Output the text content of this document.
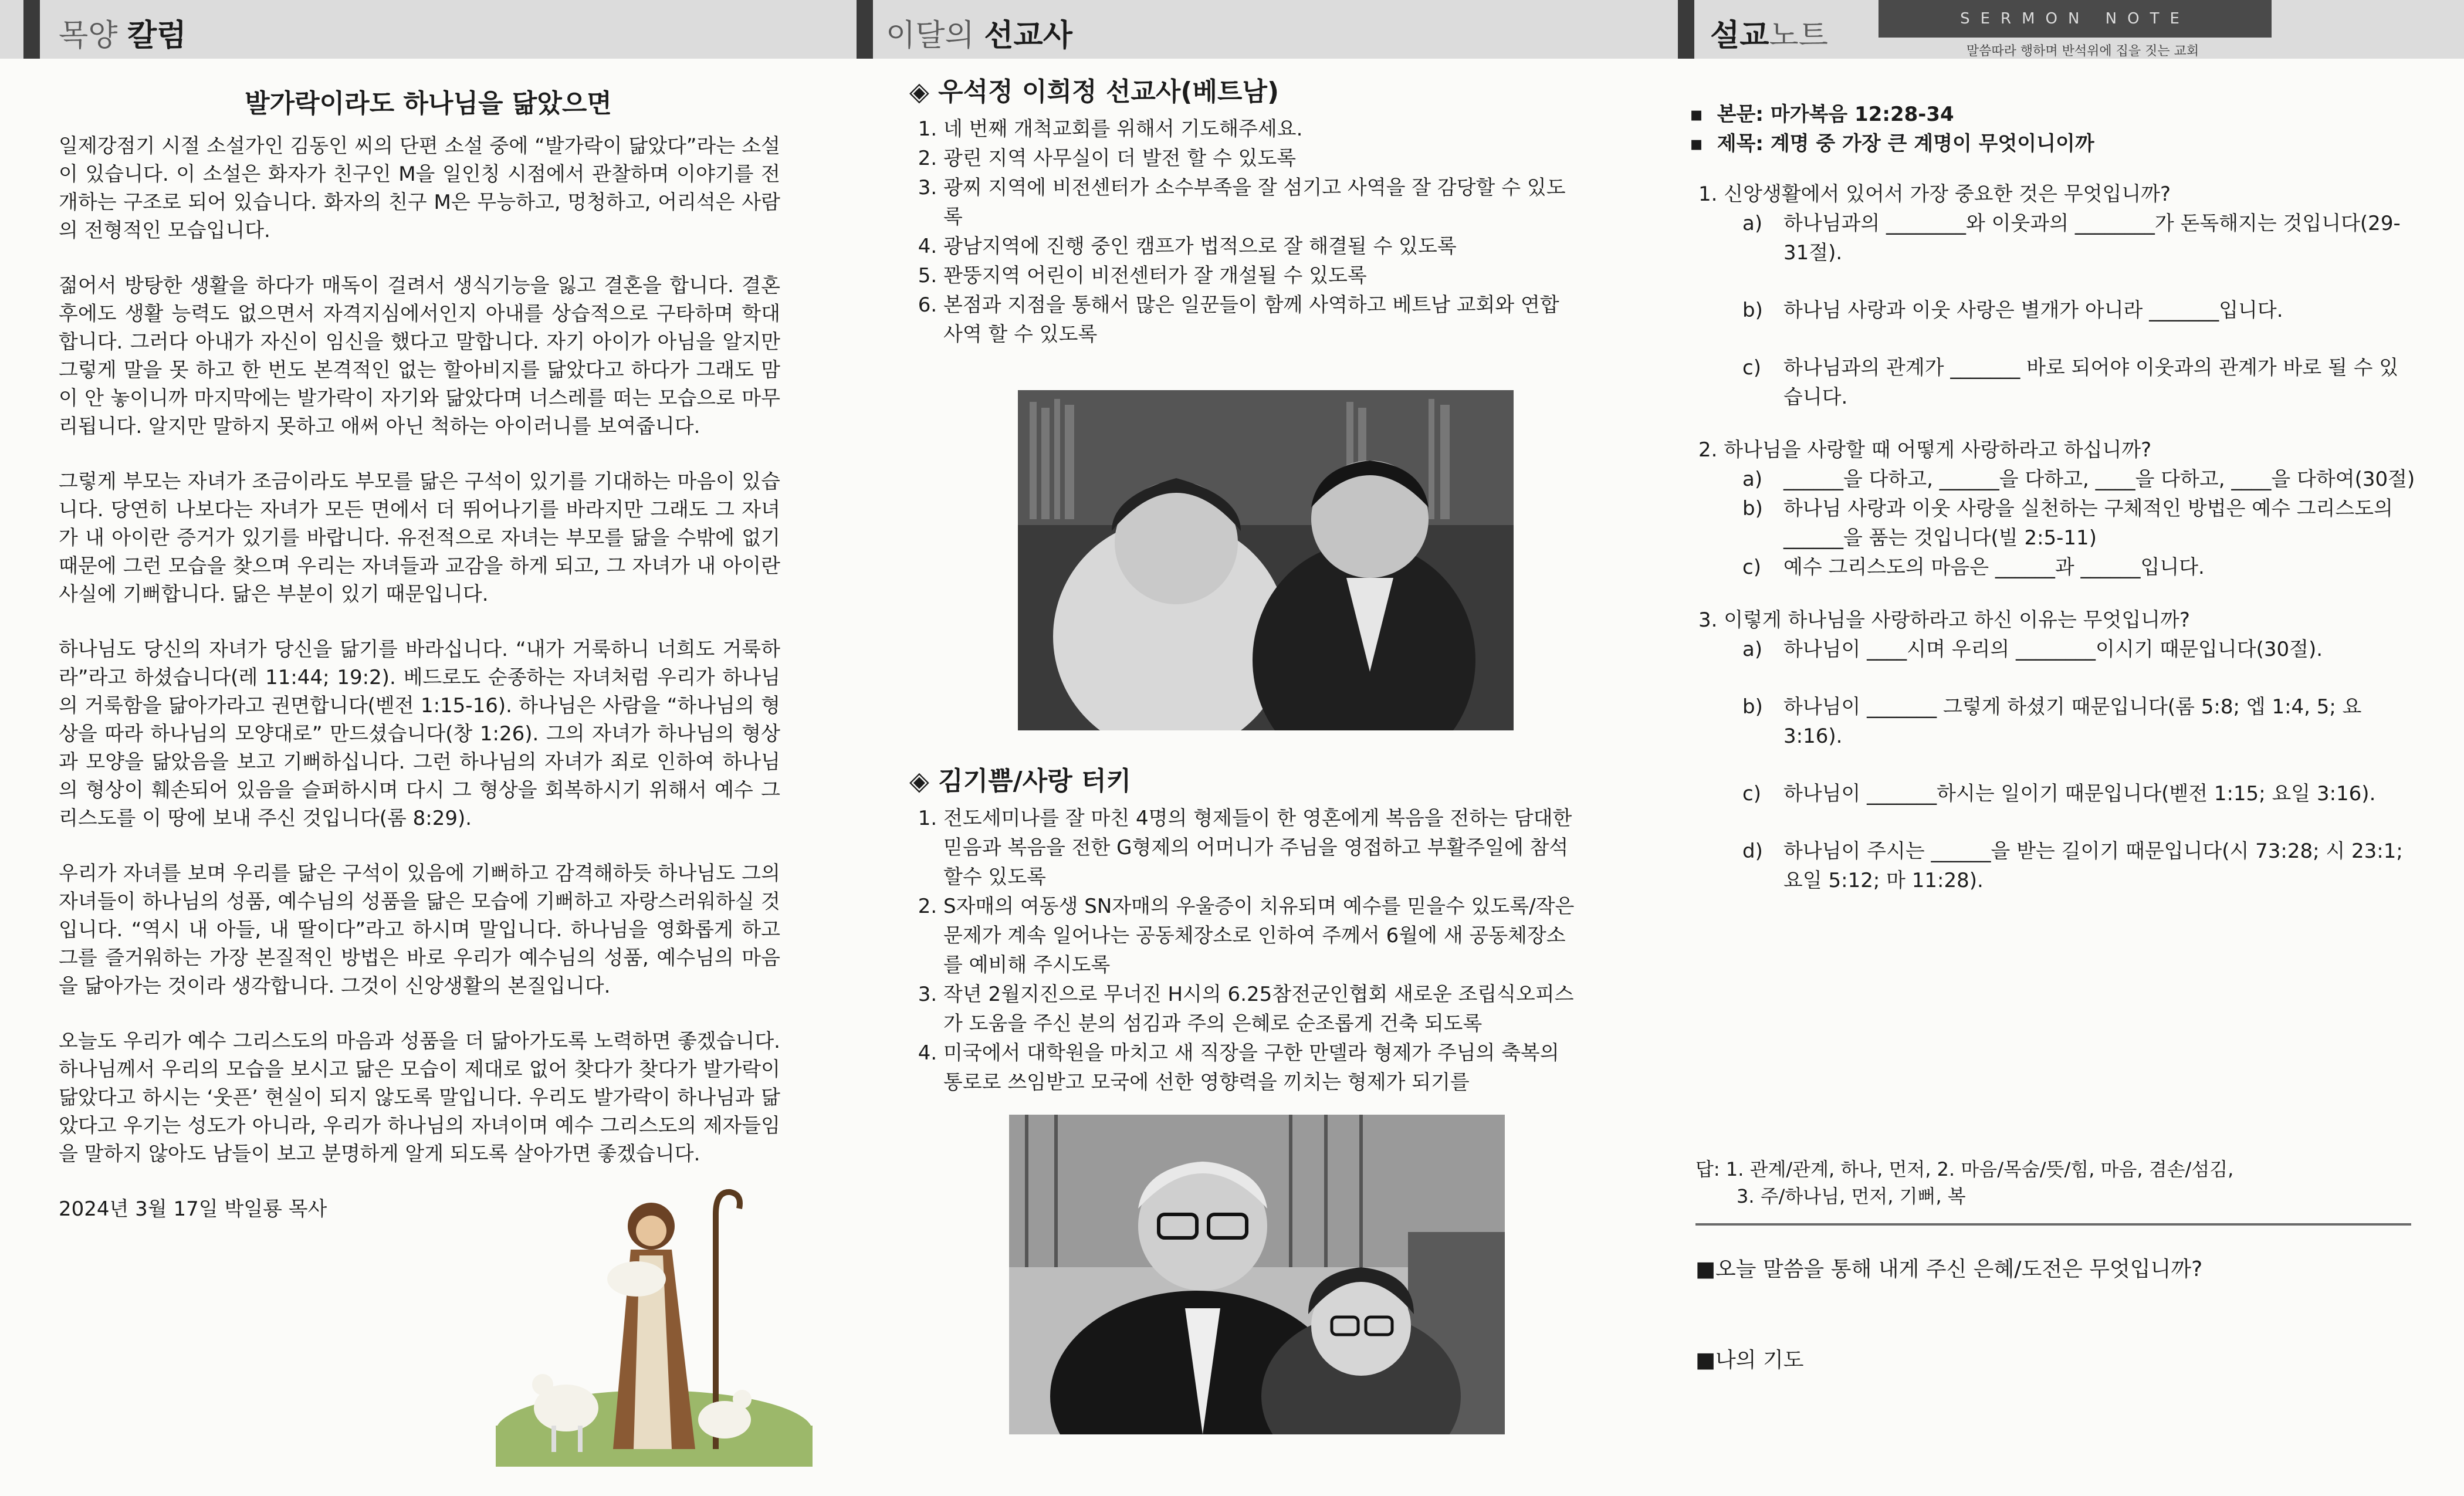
목양 칼럼
발가락이라도 하나님을 닮았으면

일제강점기 시절 소설가인 김동인 씨의 단편 소설 중에 “발가락이 닮았다”라는 소설이 있습니다. 이 소설은 화자가 친구인 M을 일인칭 시점에서 관찰하며 이야기를 전개하는 구조로 되어 있습니다. 화자의 친구 M은 무능하고, 멍청하고, 어리석은 사람의 전형적인 모습입니다.

젊어서 방탕한 생활을 하다가 매독이 걸려서 생식기능을 잃고 결혼을 합니다. 결혼 후에도 생활 능력도 없으면서 자격지심에서인지 아내를 상습적으로 구타하며 학대합니다. 그러다 아내가 자신이 임신을 했다고 말합니다. 자기 아이가 아님을 알지만 그렇게 말을 못 하고 한 번도 본격적인 없는 할아비지를 닮았다고 하다가 그래도 맘이 안 놓이니까 마지막에는 발가락이 자기와 닮았다며 너스레를 떠는 모습으로 마무리됩니다. 알지만 말하지 못하고 애써 아닌 척하는 아이러니를 보여줍니다.

그렇게 부모는 자녀가 조금이라도 부모를 닮은 구석이 있기를 기대하는 마음이 있습니다. 당연히 나보다는 자녀가 모든 면에서 더 뛰어나기를 바라지만 그래도 그 자녀가 내 아이란 증거가 있기를 바랍니다. 유전적으로 자녀는 부모를 닮을 수밖에 없기 때문에 그런 모습을 찾으며 우리는 자녀들과 교감을 하게 되고, 그 자녀가 내 아이란 사실에 기뻐합니다. 닮은 부분이 있기 때문입니다.

하나님도 당신의 자녀가 당신을 닮기를 바라십니다. “내가 거룩하니 너희도 거룩하라”라고 하셨습니다(레 11:44; 19:2). 베드로도 순종하는 자녀처럼 우리가 하나님의 거룩함을 닮아가라고 권면합니다(벧전 1:15-16). 하나님은 사람을 “하나님의 형상을 따라 하나님의 모양대로” 만드셨습니다(창 1:26). 그의 자녀가 하나님의 형상과 모양을 닮았음을 보고 기뻐하십니다. 그런 하나님의 자녀가 죄로 인하여 하나님의 형상이 훼손되어 있음을 슬퍼하시며 다시 그 형상을 회복하시기 위해서 예수 그리스도를 이 땅에 보내 주신 것입니다(롬 8:29).

우리가 자녀를 보며 우리를 닮은 구석이 있음에 기뻐하고 감격해하듯 하나님도 그의 자녀들이 하나님의 성품, 예수님의 성품을 닮은 모습에 기뻐하고 자랑스러워하실 것입니다. “역시 내 아들, 내 딸이다”라고 하시며 말입니다. 하나님을 영화롭게 하고 그를 즐거워하는 가장 본질적인 방법은 바로 우리가 예수님의 성품, 예수님의 마음을 닮아가는 것이라 생각합니다. 그것이 신앙생활의 본질입니다.

오늘도 우리가 예수 그리스도의 마음과 성품을 더 닮아가도록 노력하면 좋겠습니다. 하나님께서 우리의 모습을 보시고 닮은 모습이 제대로 없어 찾다가 찾다가 발가락이 닮았다고 하시는 ‘웃픈’ 현실이 되지 않도록 말입니다. 우리도 발가락이 하나님과 닮았다고 우기는 성도가 아니라, 우리가 하나님의 자녀이며 예수 그리스도의 제자들임을 말하지 않아도 남들이 보고 분명하게 알게 되도록 살아가면 좋겠습니다.

2024년 3월 17일 박일룡 목사

이달의 선교사
◈ 우석정 이희정 선교사(베트남)
1. 네 번째 개척교회를 위해서 기도해주세요.
2. 광린 지역 사무실이 더 발전 할 수 있도록
3. 광찌 지역에 비전센터가 소수부족을 잘 섬기고 사역을 잘 감당할 수 있도록
4. 광남지역에 진행 중인 캠프가 법적으로 잘 해결될 수 있도록
5. 꽌뚱지역 어린이 비전센터가 잘 개설될 수 있도록
6. 본점과 지점을 통해서 많은 일꾼들이 함께 사역하고 베트남 교회와 연합사역 할 수 있도록
◈ 김기쁨/사랑 터키
1. 전도세미나를 잘 마친 4명의 형제들이 한 영혼에게 복음을 전하는 담대한 믿음과 복음을 전한 G형제의 어머니가 주님을 영접하고 부활주일에 참석할수 있도록
2. S자매의 여동생 SN자매의 우울증이 치유되며 예수를 믿을수 있도록/작은 문제가 계속 일어나는 공동체장소로 인하여 주께서 6월에 새 공동체장소를 예비해 주시도록
3. 작년 2월지진으로 무너진 H시의 6.25참전군인협회 새로운 조립식오피스가 도움을 주신 분의 섬김과 주의 은혜로 순조롭게 건축 되도록
4. 미국에서 대학원을 마치고 새 직장을 구한 만델라 형제가 주님의 축복의 통로로 쓰임받고 모국에 선한 영향력을 끼치는 형제가 되기를
설교노트	SERMON NOTE
말씀따라 행하며 반석위에 집을 짓는 교회
▪  본문: 마가복음 12:28-34
▪  제목: 계명 중 가장 큰 계명이 무엇이니이까
1. 신앙생활에서 있어서 가장 중요한 것은 무엇입니까?
a) 하나님과의 ________와 이웃과의 ________가 돈독해지는 것입니다(29-31절).
b) 하나님 사랑과 이웃 사랑은 별개가 아니라 _______입니다.
c) 하나님과의 관계가 _______ 바로 되어야 이웃과의 관계가 바로 될 수 있습니다.
2. 하나님을 사랑할 때 어떻게 사랑하라고 하십니까?
a) ______을 다하고, ______을 다하고, ____을 다하고, ____을 다하여(30절)
b) 하나님 사랑과 이웃 사랑을 실천하는 구체적인 방법은 예수 그리스도의 ______을 품는 것입니다(빌 2:5-11)
c) 예수 그리스도의 마음은 ______과 ______입니다.
3. 이렇게 하나님을 사랑하라고 하신 이유는 무엇입니까?
a) 하나님이 ____시며 우리의 ________이시기 때문입니다(30절).
b) 하나님이 _______ 그렇게 하셨기 때문입니다(롬 5:8; 엡 1:4, 5; 요 3:16).
c) 하나님이 _______하시는 일이기 때문입니다(벧전 1:15; 요일 3:16).
d) 하나님이 주시는 ______을 받는 길이기 때문입니다(시 73:28; 시 23:1; 요일 5:12; 마 11:28).
답: 1. 관계/관계, 하나, 먼저, 2. 마음/목숨/뜻/힘, 마음, 겸손/섬김,
3. 주/하나님, 먼저, 기뻐, 복
■오늘 말씀을 통해 내게 주신 은혜/도전은 무엇입니까?
■나의 기도
